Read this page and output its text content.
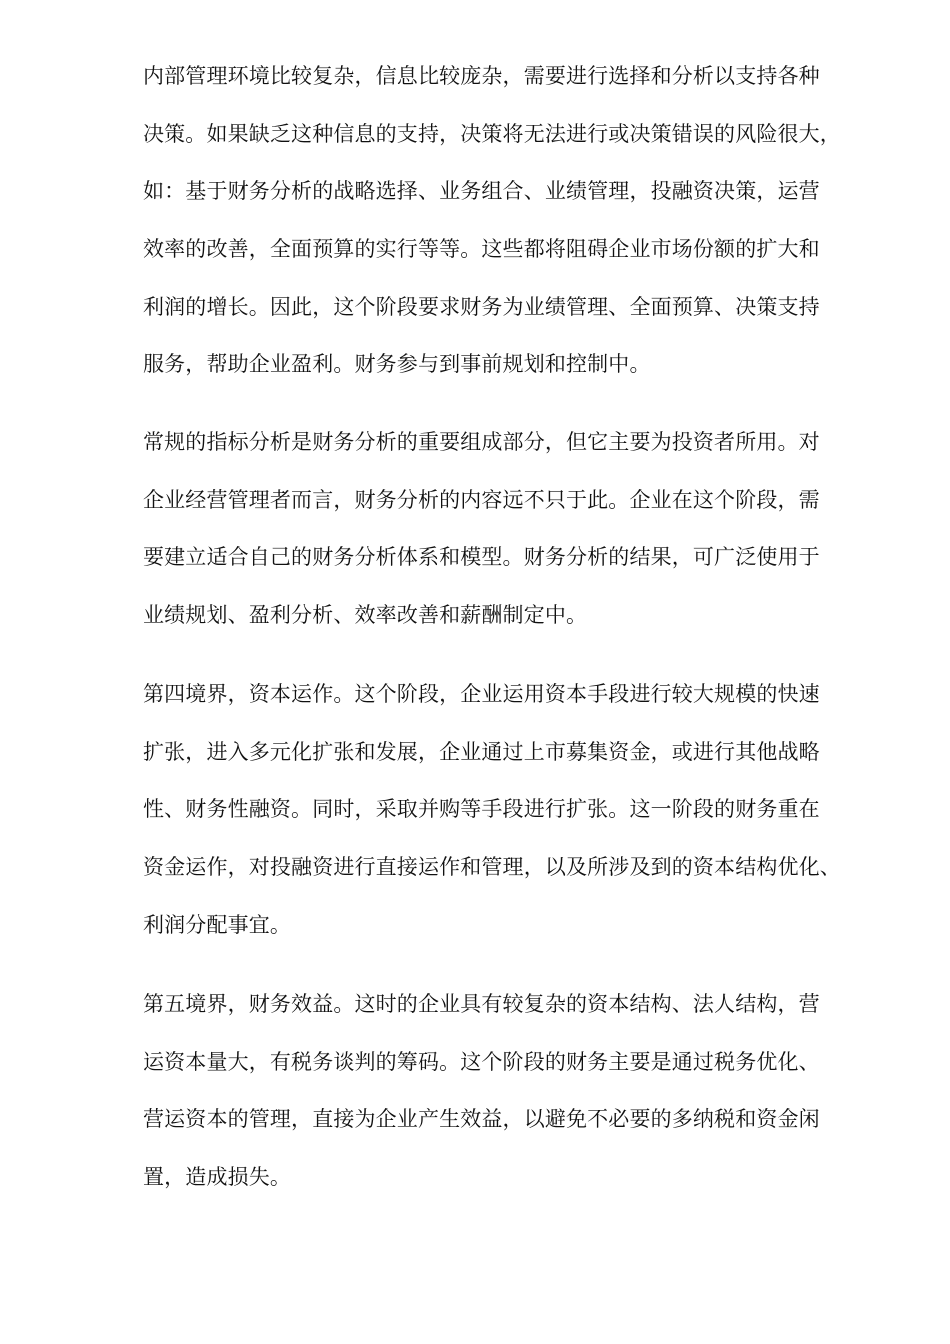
内部管理环境比较复杂，信息比较庞杂，需要进行选择和分析以支持各种
决策。如果缺乏这种信息的支持，决策将无法进行或决策错误的风险很大，
如：基于财务分析的战略选择、业务组合、业绩管理，投融资决策，运营
效率的改善，全面预算的实行等等。这些都将阻碍企业市场份额的扩大和
利润的增长。因此，这个阶段要求财务为业绩管理、全面预算、决策支持
服务，帮助企业盈利。财务参与到事前规划和控制中。
常规的指标分析是财务分析的重要组成部分，但它主要为投资者所用。对
企业经营管理者而言，财务分析的内容远不只于此。企业在这个阶段，需
要建立适合自己的财务分析体系和模型。财务分析的结果，可广泛使用于
业绩规划、盈利分析、效率改善和薪酬制定中。
第四境界，资本运作。这个阶段，企业运用资本手段进行较大规模的快速
扩张，进入多元化扩张和发展，企业通过上市募集资金，或进行其他战略
性、财务性融资。同时，采取并购等手段进行扩张。这一阶段的财务重在
资金运作，对投融资进行直接运作和管理，以及所涉及到的资本结构优化、
利润分配事宜。
第五境界，财务效益。这时的企业具有较复杂的资本结构、法人结构，营
运资本量大，有税务谈判的筹码。这个阶段的财务主要是通过税务优化、
营运资本的管理，直接为企业产生效益，以避免不必要的多纳税和资金闲
置，造成损失。
